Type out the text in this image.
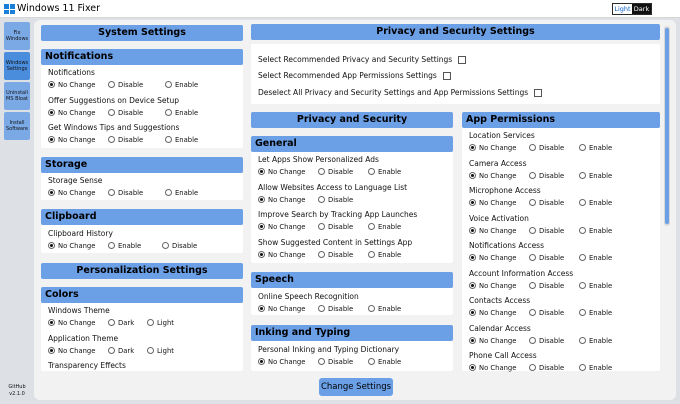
Windows 11 Fixer	Light Dark
Fix Windows
Windows Settings
Uninstall MS Bloat
Install Software
GitHub
v2.1.0
System Settings
Notifications
Notifications
No Change	Disable	Enable
Offer Suggestions on Device Setup
No Change	Disable	Enable
Get Windows Tips and Suggestions
No Change	Disable	Enable
Storage
Storage Sense
No Change	Disable	Enable
Clipboard
Clipboard History
No Change	Enable	Disable
Personalization Settings
Colors
Windows Theme
No Change	Dark	Light
Application Theme
No Change	Dark	Light
Transparency Effects
Privacy and Security Settings
Select Recommended Privacy and Security Settings
Select Recommended App Permissions Settings
Deselect All Privacy and Security Settings and App Permissions Settings
Privacy and Security
General
Let Apps Show Personalized Ads
No Change	Disable	Enable
Allow Websites Access to Language List
No Change	Disable
Improve Search by Tracking App Launches
No Change	Disable	Enable
Show Suggested Content in Settings App
No Change	Disable	Enable
Speech
Online Speech Recognition
No Change	Disable	Enable
Inking and Typing
Personal Inking and Typing Dictionary
No Change	Disable	Enable
App Permissions
Location Services
No Change	Disable	Enable
Camera Access
No Change	Disable	Enable
Microphone Access
No Change	Disable	Enable
Voice Activation
No Change	Disable	Enable
Notifications Access
No Change	Disable	Enable
Account Information Access
No Change	Disable	Enable
Contacts Access
No Change	Disable	Enable
Calendar Access
No Change	Disable	Enable
Phone Call Access
No Change	Disable	Enable
Change Settings
